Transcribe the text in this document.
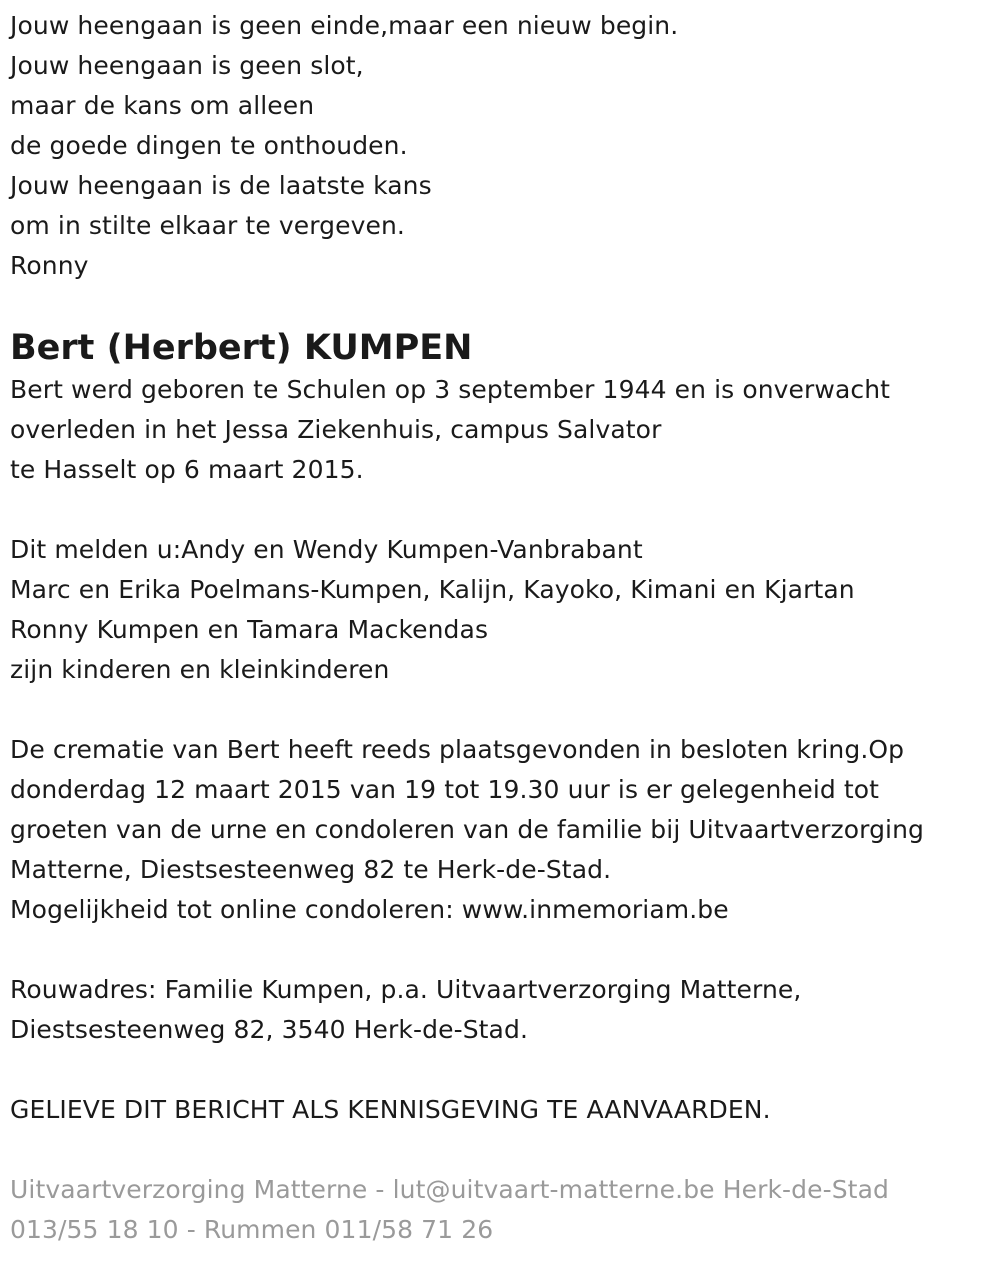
Jouw heengaan is geen einde,maar een nieuw begin.
Jouw heengaan is geen slot,
maar de kans om alleen
de goede dingen te onthouden.
Jouw heengaan is de laatste kans
om in stilte elkaar te vergeven.
Ronny
Bert (Herbert) KUMPEN
Bert werd geboren te Schulen op 3 september 1944 en is onverwacht
overleden in het Jessa Ziekenhuis, campus Salvator
te Hasselt op 6 maart 2015.
Dit melden u:Andy en Wendy Kumpen-Vanbrabant
Marc en Erika Poelmans-Kumpen, Kalijn, Kayoko, Kimani en Kjartan
Ronny Kumpen en Tamara Mackendas
zijn kinderen en kleinkinderen
De crematie van Bert heeft reeds plaatsgevonden in besloten kring.Op
donderdag 12 maart 2015 van 19 tot 19.30 uur is er gelegenheid tot
groeten van de urne en condoleren van de familie bij Uitvaartverzorging
Matterne, Diestsesteenweg 82 te Herk-de-Stad.
Mogelijkheid tot online condoleren: www.inmemoriam.be
Rouwadres: Familie Kumpen, p.a. Uitvaartverzorging Matterne,
Diestsesteenweg 82, 3540 Herk-de-Stad.
GELIEVE DIT BERICHT ALS KENNISGEVING TE AANVAARDEN.
Uitvaartverzorging Matterne - lut@uitvaart-matterne.be Herk-de-Stad
013/55 18 10 - Rummen 011/58 71 26
